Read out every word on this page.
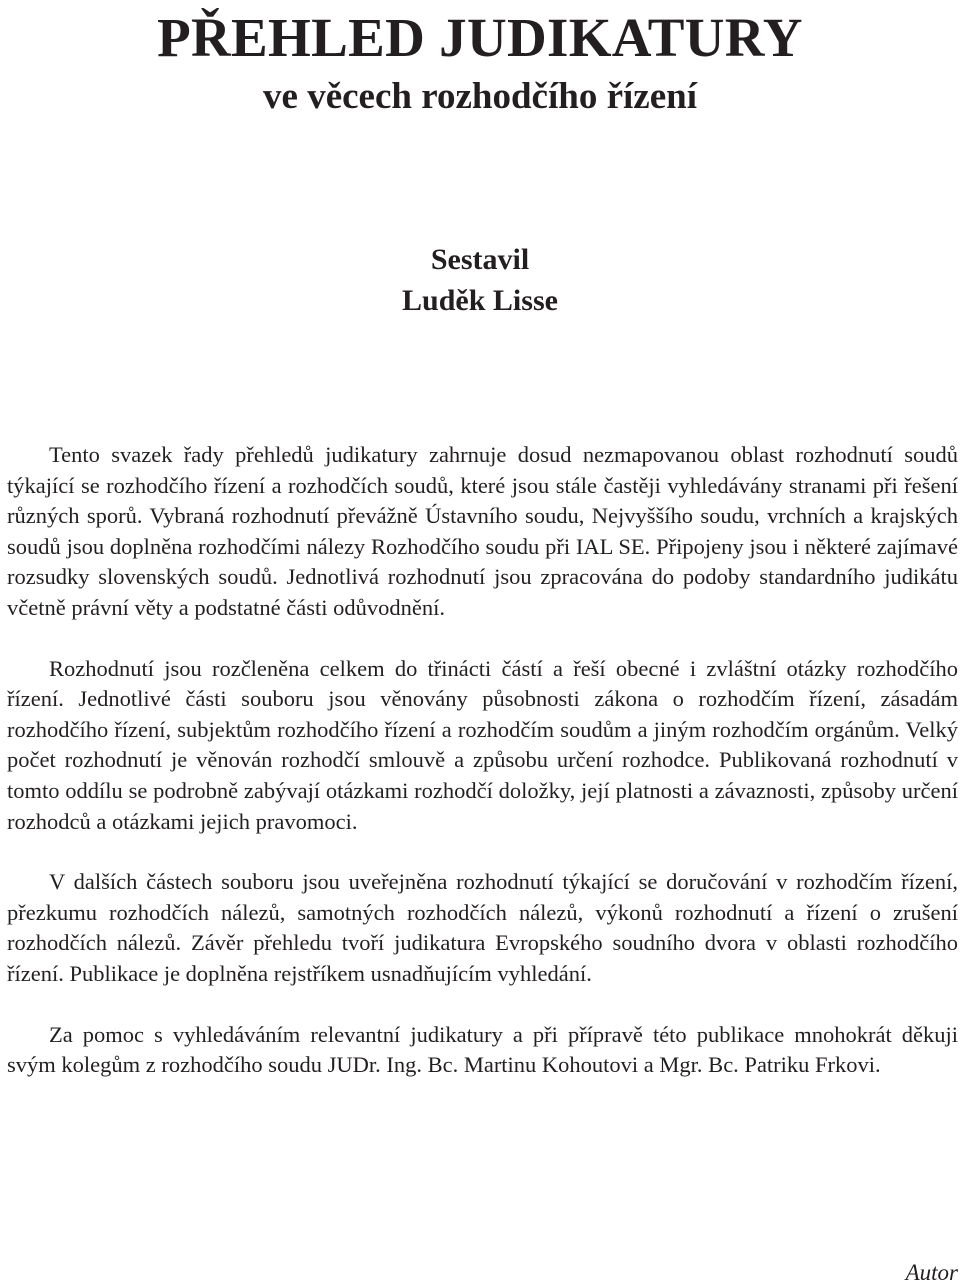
PŘEHLED JUDIKATURY
ve věcech rozhodčího řízení
Sestavil
Luděk Lisse

Tento svazek řady přehledů judikatury zahrnuje dosud nezmapovanou oblast rozhodnutí soudů týkající se rozhodčího řízení a rozhodčích soudů, které jsou stále častěji vyhledávány stranami při řešení různých sporů. Vybraná rozhodnutí převážně Ústavního soudu, Nejvyššího soudu, vrchních a krajských soudů jsou doplněna rozhodčími nálezy Rozhodčího soudu při IAL SE. Připojeny jsou i některé zajímavé rozsudky slovenských soudů. Jednotlivá rozhodnutí jsou zpracována do podoby standardního judikátu včetně právní věty a podstatné části odůvodnění.

Rozhodnutí jsou rozčleněna celkem do třinácti částí a řeší obecné i zvláštní otázky rozhodčího řízení. Jednotlivé části souboru jsou věnovány působnosti zákona o rozhodčím řízení, zásadám rozhodčího řízení, subjektům rozhodčího řízení a rozhodčím soudům a jiným rozhodčím orgánům. Velký počet rozhodnutí je věnován rozhodčí smlouvě a způsobu určení rozhodce. Publikovaná rozhodnutí v tomto oddílu se podrobně zabývají otázkami rozhodčí doložky, její platnosti a závaznosti, způsoby určení rozhodců a otázkami jejich pravomoci.

V dalších částech souboru jsou uveřejněna rozhodnutí týkající se doručování v rozhodčím řízení, přezkumu rozhodčích nálezů, samotných rozhodčích nálezů, výkonů rozhodnutí a řízení o zrušení rozhodčích nálezů. Závěr přehledu tvoří judikatura Evropského soudního dvora v oblasti rozhodčího řízení. Publikace je doplněna rejstříkem usnadňujícím vyhledání.

Za pomoc s vyhledáváním relevantní judikatury a při přípravě této publikace mnohokrát děkuji svým kolegům z rozhodčího soudu JUDr. Ing. Bc. Martinu Kohoutovi a Mgr. Bc. Patriku Frkovi.

Autor
